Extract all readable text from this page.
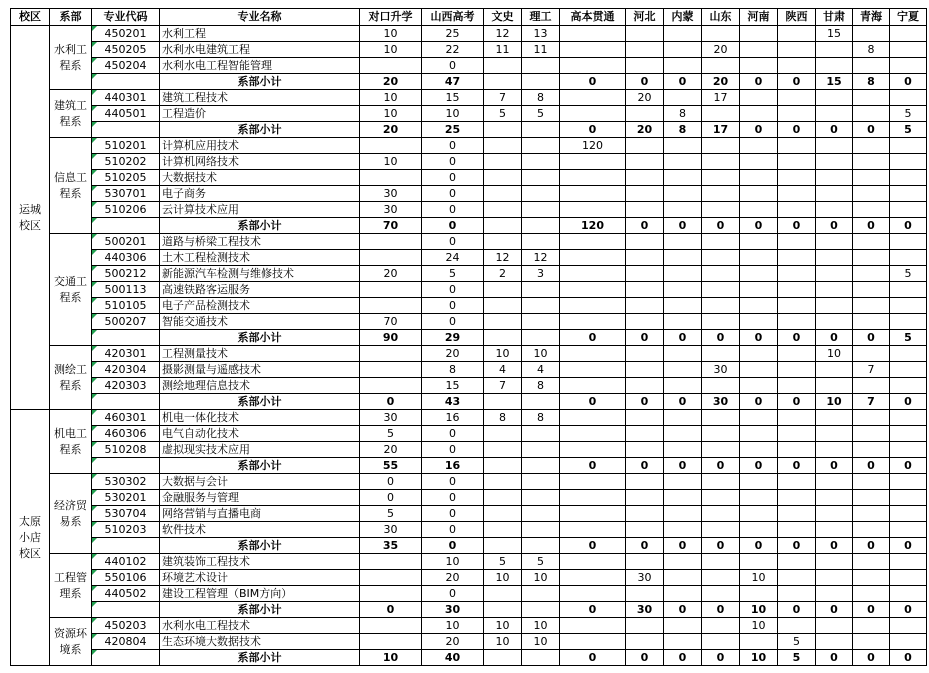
校区	系部	专业代码	专业名称	对口升学	山西高考	文史	理工	高本贯通	河北	内蒙	山东	河南	陕西	甘肃	青海	宁夏
运城校区	水利工程系	450201	水利工程	10	25	12	13							15		
		450205	水利水电建筑工程	10	22	11	11				20				8	
		450204	水利水电工程智能管理		0											
			系部小计	20	47			0	0	0	20	0	0	15	8	0
	建筑工程系	440301	建筑工程技术	10	15	7	8		20		17					
		440501	工程造价	10	10	5	5			8						5
			系部小计	20	25			0	20	8	17	0	0	0	0	5
	信息工程系	510201	计算机应用技术		0			120								
		510202	计算机网络技术	10	0											
		510205	大数据技术		0											
		530701	电子商务	30	0											
		510206	云计算技术应用	30	0											
			系部小计	70	0			120	0	0	0	0	0	0	0	0
	交通工程系	500201	道路与桥梁工程技术		0											
		440306	土木工程检测技术		24	12	12									
		500212	新能源汽车检测与维修技术	20	5	2	3									5
		500113	高速铁路客运服务		0											
		510105	电子产品检测技术		0											
		500207	智能交通技术	70	0											
			系部小计	90	29			0	0	0	0	0	0	0	0	5
	测绘工程系	420301	工程测量技术		20	10	10							10		
		420304	摄影测量与遥感技术		8	4	4				30				7	
		420303	测绘地理信息技术		15	7	8									
			系部小计	0	43			0	0	0	30	0	0	10	7	0
太原小店校区	机电工程系	460301	机电一体化技术	30	16	8	8									
		460306	电气自动化技术	5	0											
		510208	虚拟现实技术应用	20	0											
			系部小计	55	16			0	0	0	0	0	0	0	0	0
	经济贸易系	530302	大数据与会计	0	0											
		530201	金融服务与管理	0	0											
		530704	网络营销与直播电商	5	0											
		510203	软件技术	30	0											
			系部小计	35	0			0	0	0	0	0	0	0	0	0
	工程管理系	440102	建筑装饰工程技术		10	5	5									
		550106	环境艺术设计		20	10	10		30			10				
		440502	建设工程管理（BIM方向）		0											
			系部小计	0	30			0	30	0	0	10	0	0	0	0
	资源环境系	450203	水利水电工程技术		10	10	10					10				
		420804	生态环境大数据技术		20	10	10						5			
			系部小计	10	40			0	0	0	0	10	5	0	0	0
